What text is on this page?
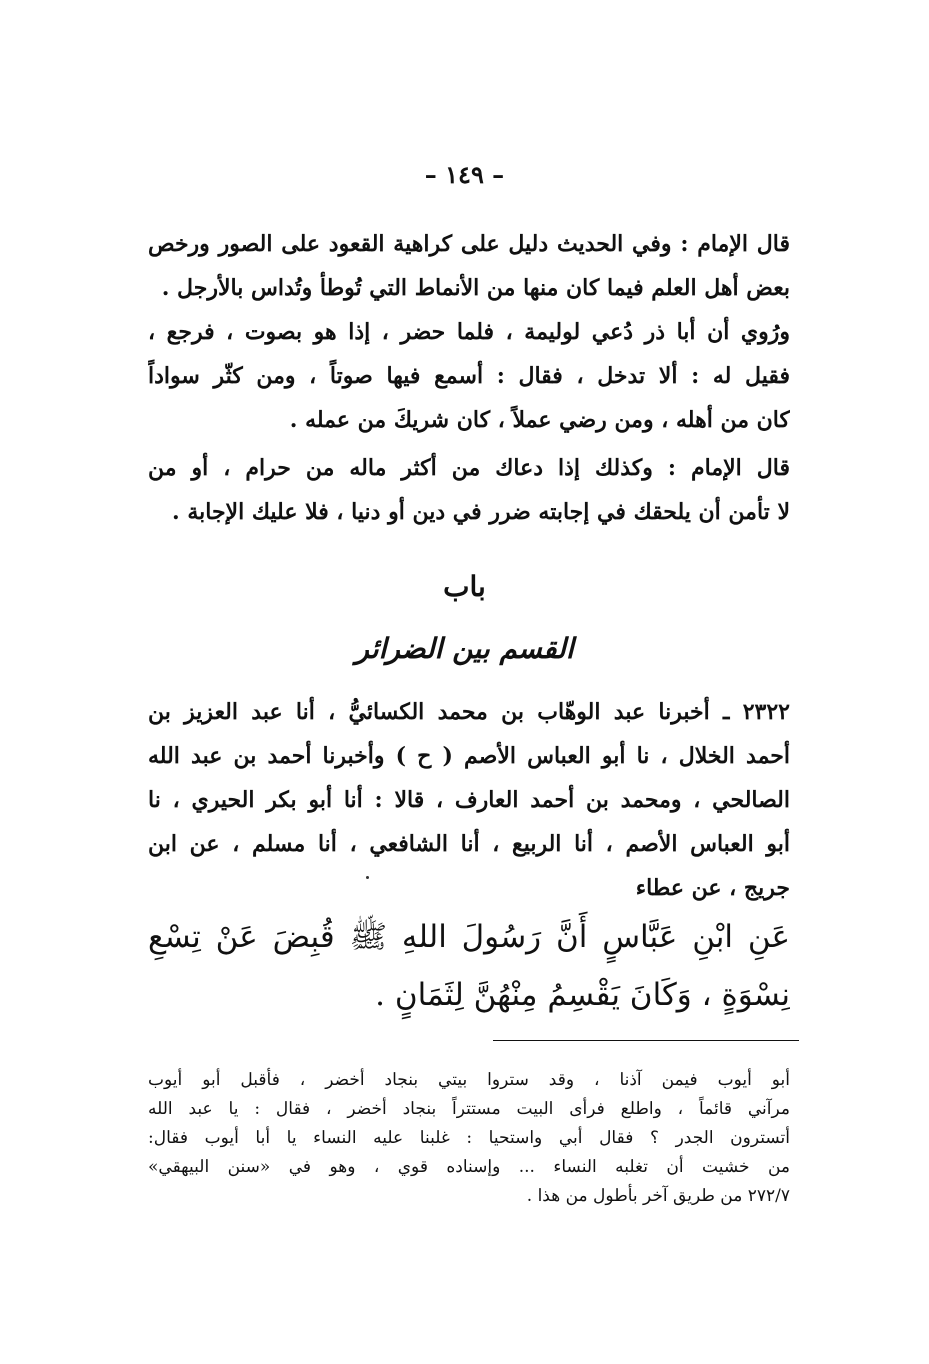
– ١٤٩ –
قال الإمام : وفي الحديث دليل على كراهية القعود على الصور ورخص
بعض أهل العلم فيما كان منها من الأنماط التي تُوطأ وتُداس بالأرجل .
ورُوي أن أبا ذر دُعي لوليمة ، فلما حضر ، إذا هو بصوت ، فرجع ،
فقيل له : ألا تدخل ، فقال : أسمع فيها صوتاً ، ومن كثّر سواداً
كان من أهله ، ومن رضي عملاً ، كان شريكَ من عمله .
قال الإمام : وكذلك إذا دعاك من أكثر ماله من حرام ، أو من
لا تأمن أن يلحقك في إجابته ضرر في دين أو دنيا ، فلا عليك الإجابة .
باب
القسم بين الضرائر
٢٣٢٢ ـ أخبرنا عبد الوهّاب بن محمد الكسائيُّ ، أنا عبد العزيز بن
أحمد الخلال ، نا أبو العباس الأصم ( ح ) وأخبرنا أحمد بن عبد الله
الصالحي ، ومحمد بن أحمد العارف ، قالا : أنا أبو بكر الحيري ، نا
أبو العباس الأصم ، أنا الربيع ، أنا الشافعي ، أنا مسلم ، عن ابن
جريج ، عن عطاء
عَنِ ابْنِ عَبَّاسٍ أَنَّ رَسُولَ اللهِ ﷺ قُبِضَ عَنْ تِسْعِ
نِسْوَةٍ ، وَكَانَ يَقْسِمُ مِنْهُنَّ لِثَمَانٍ .
أبو أيوب فيمن آذنا ، وقد ستروا بيتي بنجاد أخضر ، فأقبل أبو أيوب
مرآني قائماً ، واطلع فرأى البيت مستتراً بنجاد أخضر ، فقال : يا عبد الله
أتسترون الجدر ؟ فقال أبي واستحيا : غلبنا عليه النساء يا أبا أيوب فقال:
من خشيت أن تغلبه النساء ... وإسناده قوي ، وهو في «سنن البيهقي»
٢٧٢/٧ من طريق آخر بأطول من هذا .
